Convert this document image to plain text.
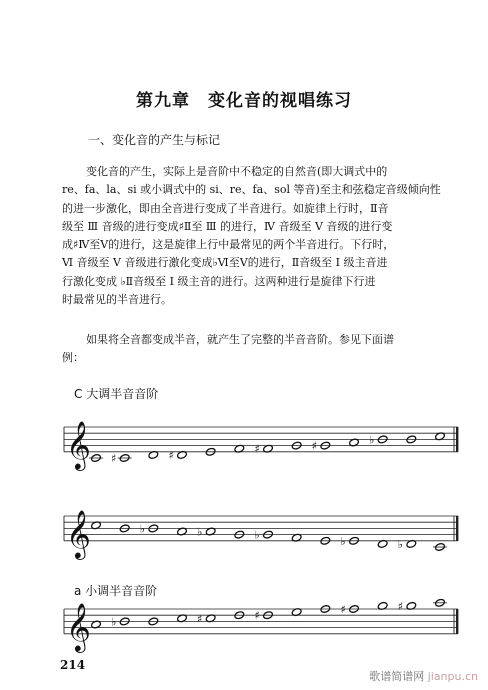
第九章　变化音的视唱练习
一、变化音的产生与标记

变化音的产生，实际上是音阶中不稳定的自然音(即大调式中的

re、fa、la、si 或小调式中的 si、re、fa、sol 等音)至主和弦稳定音级倾向性

的进一步激化，即由全音进行变成了半音进行。如旋律上行时，Ⅱ音

级至 Ⅲ 音级的进行变成♯Ⅱ至 Ⅲ 的进行，Ⅳ 音级至 Ⅴ 音级的进行变

成♯Ⅳ至Ⅴ的进行，这是旋律上行中最常见的两个半音进行。下行时，

Ⅵ 音级至 Ⅴ 音级进行激化变成♭Ⅵ至Ⅴ的进行，Ⅱ音级至 Ⅰ 级主音进

行激化变成 ♭Ⅱ音级至 Ⅰ 级主音的进行。这两种进行是旋律下行进

时最常见的半音进行。

如果将全音都变成半音，就产生了完整的半音音阶。参见下面谱

例：

C 大调半音音阶
𝄞 ♯	♯	♯	♯	♭
𝄞	♭	♭	♭	♭	♭
a 小调半音音阶
𝄞 ♭	♯	♯	♯	♯
214
歌谱简谱网 jianpu.cn
